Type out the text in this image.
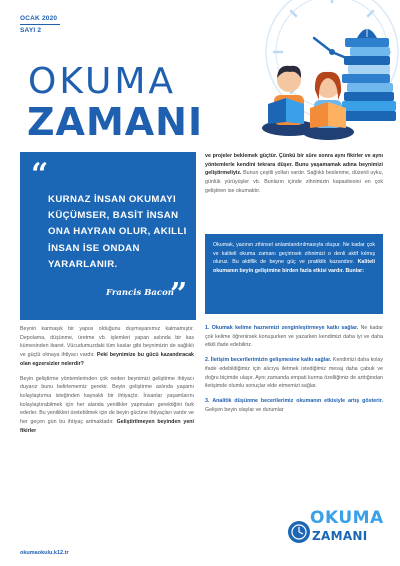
OCAK 2020
SAYI 2
OKUMA
ZAMANI
“
KURNAZ İNSAN OKUMAYI KÜÇÜMSER, BASİT İNSAN ONA HAYRAN OLUR, AKILLI İNSAN İSE ONDAN YARARLANIR.
Francis Bacon
”

Beynin karmaşık bir yapısı olduğunu duymayanımız kalmamıştır. Depolama, düşünme, üretme vb. işlemleri yapan aslında bir kas kümesinden ibaret. Vücudumuzdaki tüm kaslar gibi beynimizin de sağlıklı ve güçlü olmaya ihtiyacı vardır. Peki beynimize bu gücü kazandıracak olan egzersizler nelerdir?

Beyin geliştirme yöntemlerinden çok neden beynimizi geliştirme ihtiyacı duyarız bunu belirlememiz gerekir. Beyin geliştirme aslında yaşamı kolaylaştırma isteğinden kaynaklı bir ihtiyaçtır. İnsanlar yaşamlarını kolaylaştırabilmek için her alanda yenilikler yapmaları gerektiğini fark ederler. Bu yenilikleri üretebilmek için de beyin gücüne ihtiyaçları vardır ve her geçen gün bu ihtiyaç artmaktadır. Geliştirilmeyen beyinden yeni fikirler

ve projeler beklemek güçtür. Çünkü bir süre sonra aynı fikirler ve aynı yöntemlerle kendini tekrara düşer. Bunu yaşamamak adına beynimizi geliştirmeliyiz. Bunun çeşitli yolları vardır. Sağlıklı beslenme, düzenli uyku, günlük yürüyüşler vb. Bunların içinde zihnimizin kapasitesini en çok geliştiren ise okumaktır.

Okumak, yazının zihinsel anlamlandırılmasıyla oluşur. Ne kadar çok ve kaliteli okuma zamanı geçirirsek zihnimizi o denli aktif kılmış oluruz. Bu aktiflik de beyne güç ve pratiklik kazandırır. Kaliteli okumanın beyin gelişimine birden fazla etkisi vardır. Bunlar:

1. Okumak kelime haznemizi zenginleştirmeye katkı sağlar. Ne kadar çok kelime öğrenirsek konuşurken ve yazarken kendimizi daha iyi ve daha etkili ifade edebiliriz.

2. İletişim becerilerimizin gelişmesine katkı sağlar. Kendimizi daha kolay ifade edebildiğimiz için alıcıya iletmek istediğimiz mesaj daha çabuk ve doğru biçimde ulaşır. Aynı zamanda empati kurma özelliğimiz de arttığından iletişimde olumlu sonuçlar elde etmemizi sağlar.

3. Analitik düşünme becerilerimiz okumanın etkisiyle artış gösterir. Gelişen beyin olaylar ve durumlar

okumaokulu.k12.tr
OKUMA
ZAMANI
